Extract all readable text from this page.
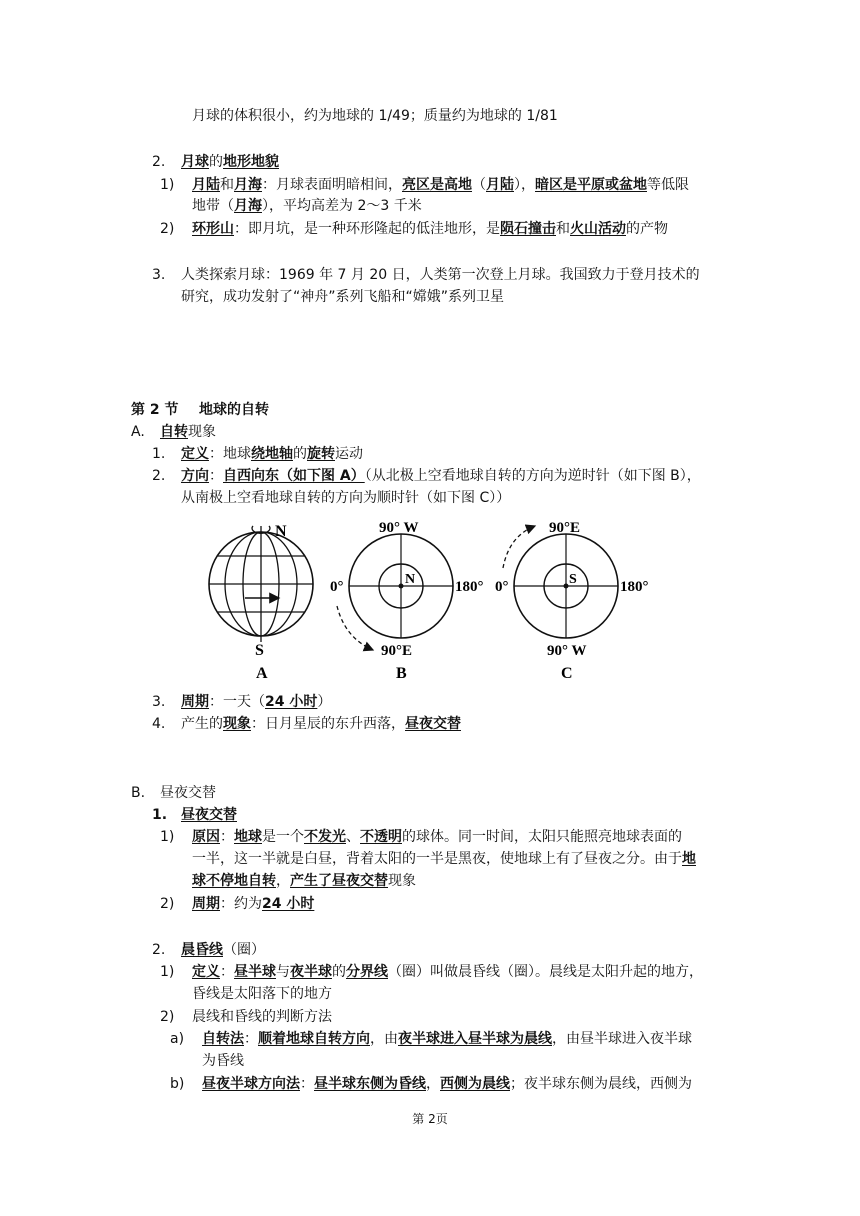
月球的体积很小，约为地球的 1/49；质量约为地球的 1/81
2. 月球的地形地貌
1) 月陆和月海：月球表面明暗相间，亮区是高地（月陆），暗区是平原或盆地等低限
地带（月海），平均高差为 2～3 千米
2) 环形山：即月坑，是一种环形隆起的低洼地形，是陨石撞击和火山活动的产物
3. 人类探索月球：1969 年 7 月 20 日，人类第一次登上月球。我国致力于登月技术的
研究，成功发射了“神舟”系列飞船和“嫦娥”系列卫星
第 2 节 地球的自转
A. 自转现象
1. 定义：地球绕地轴的旋转运动
2. 方向：自西向东（如下图 A）（从北极上空看地球自转的方向为逆时针（如下图 B），
从南极上空看地球自转的方向为顺时针（如下图 C））
N
S
A
90° W
0°	180°
90°E
N
B
90°E
0°	180°
90° W
S
C
3. 周期：一天（24 小时）
4. 产生的现象：日月星辰的东升西落，昼夜交替
B. 昼夜交替
1. 昼夜交替
1) 原因：地球是一个不发光、不透明的球体。同一时间，太阳只能照亮地球表面的
一半，这一半就是白昼，背着太阳的一半是黑夜，使地球上有了昼夜之分。由于地
球不停地自转，产生了昼夜交替现象
2) 周期：约为24 小时
2. 晨昏线（圈）
1) 定义：昼半球与夜半球的分界线（圈）叫做晨昏线（圈）。晨线是太阳升起的地方，
昏线是太阳落下的地方
2) 晨线和昏线的判断方法
a) 自转法：顺着地球自转方向，由夜半球进入昼半球为晨线，由昼半球进入夜半球
为昏线
b) 昼夜半球方向法：昼半球东侧为昏线，西侧为晨线；夜半球东侧为晨线，西侧为
第 2页
